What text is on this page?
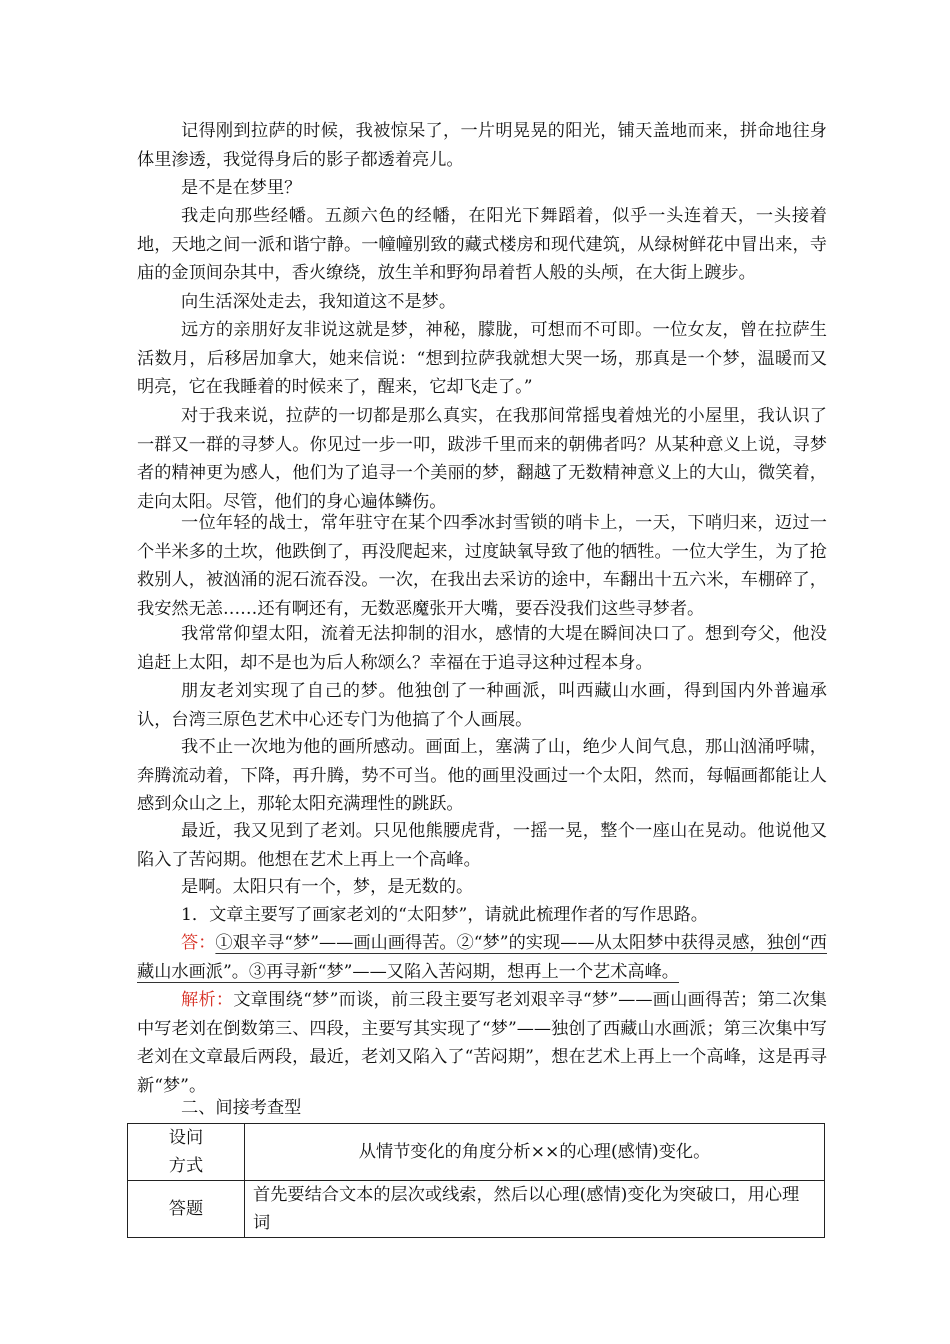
记得刚到拉萨的时候，我被惊呆了，一片明晃晃的阳光，铺天盖地而来，拼命地往身体里渗透，我觉得身后的影子都透着亮儿。

是不是在梦里？

我走向那些经幡。五颜六色的经幡，在阳光下舞蹈着，似乎一头连着天，一头接着地，天地之间一派和谐宁静。一幢幢别致的藏式楼房和现代建筑，从绿树鲜花中冒出来，寺庙的金顶间杂其中，香火缭绕，放生羊和野狗昂着哲人般的头颅，在大街上踱步。

向生活深处走去，我知道这不是梦。

远方的亲朋好友非说这就是梦，神秘，朦胧，可想而不可即。一位女友，曾在拉萨生活数月，后移居加拿大，她来信说：“想到拉萨我就想大哭一场，那真是一个梦，温暖而又明亮，它在我睡着的时候来了，醒来，它却飞走了。”

对于我来说，拉萨的一切都是那么真实，在我那间常摇曳着烛光的小屋里，我认识了一群又一群的寻梦人。你见过一步一叩，跋涉千里而来的朝佛者吗？从某种意义上说，寻梦者的精神更为感人，他们为了追寻一个美丽的梦，翻越了无数精神意义上的大山，微笑着，走向太阳。尽管，他们的身心遍体鳞伤。

一位年轻的战士，常年驻守在某个四季冰封雪锁的哨卡上，一天，下哨归来，迈过一个半米多的土坎，他跌倒了，再没爬起来，过度缺氧导致了他的牺牲。一位大学生，为了抢救别人，被汹涌的泥石流吞没。一次，在我出去采访的途中，车翻出十五六米，车棚碎了，我安然无恙……还有啊还有，无数恶魔张开大嘴，要吞没我们这些寻梦者。

我常常仰望太阳，流着无法抑制的泪水，感情的大堤在瞬间决口了。想到夸父，他没追赶上太阳，却不是也为后人称颂么？幸福在于追寻这种过程本身。

朋友老刘实现了自己的梦。他独创了一种画派，叫西藏山水画，得到国内外普遍承认，台湾三原色艺术中心还专门为他搞了个人画展。

我不止一次地为他的画所感动。画面上，塞满了山，绝少人间气息，那山汹涌呼啸，奔腾流动着，下降，再升腾，势不可当。他的画里没画过一个太阳，然而，每幅画都能让人感到众山之上，那轮太阳充满理性的跳跃。

最近，我又见到了老刘。只见他熊腰虎背，一摇一晃，整个一座山在晃动。他说他又陷入了苦闷期。他想在艺术上再上一个高峰。

是啊。太阳只有一个，梦，是无数的。

1．文章主要写了画家老刘的“太阳梦”，请就此梳理作者的写作思路。

答：①艰辛寻“梦”——画山画得苦。②“梦”的实现——从太阳梦中获得灵感，独创“西藏山水画派”。③再寻新“梦”——又陷入苦闷期，想再上一个艺术高峰。

解析：文章围绕“梦”而谈，前三段主要写老刘艰辛寻“梦”——画山画得苦；第二次集中写老刘在倒数第三、四段，主要写其实现了“梦”——独创了西藏山水画派；第三次集中写老刘在文章最后两段，最近，老刘又陷入了“苦闷期”，想在艺术上再上一个高峰，这是再寻新“梦”。

二、间接考查型

设问方式	从情节变化的角度分析××的心理(感情)变化。
答题	首先要结合文本的层次或线索，然后以心理(感情)变化为突破口，用心理词
